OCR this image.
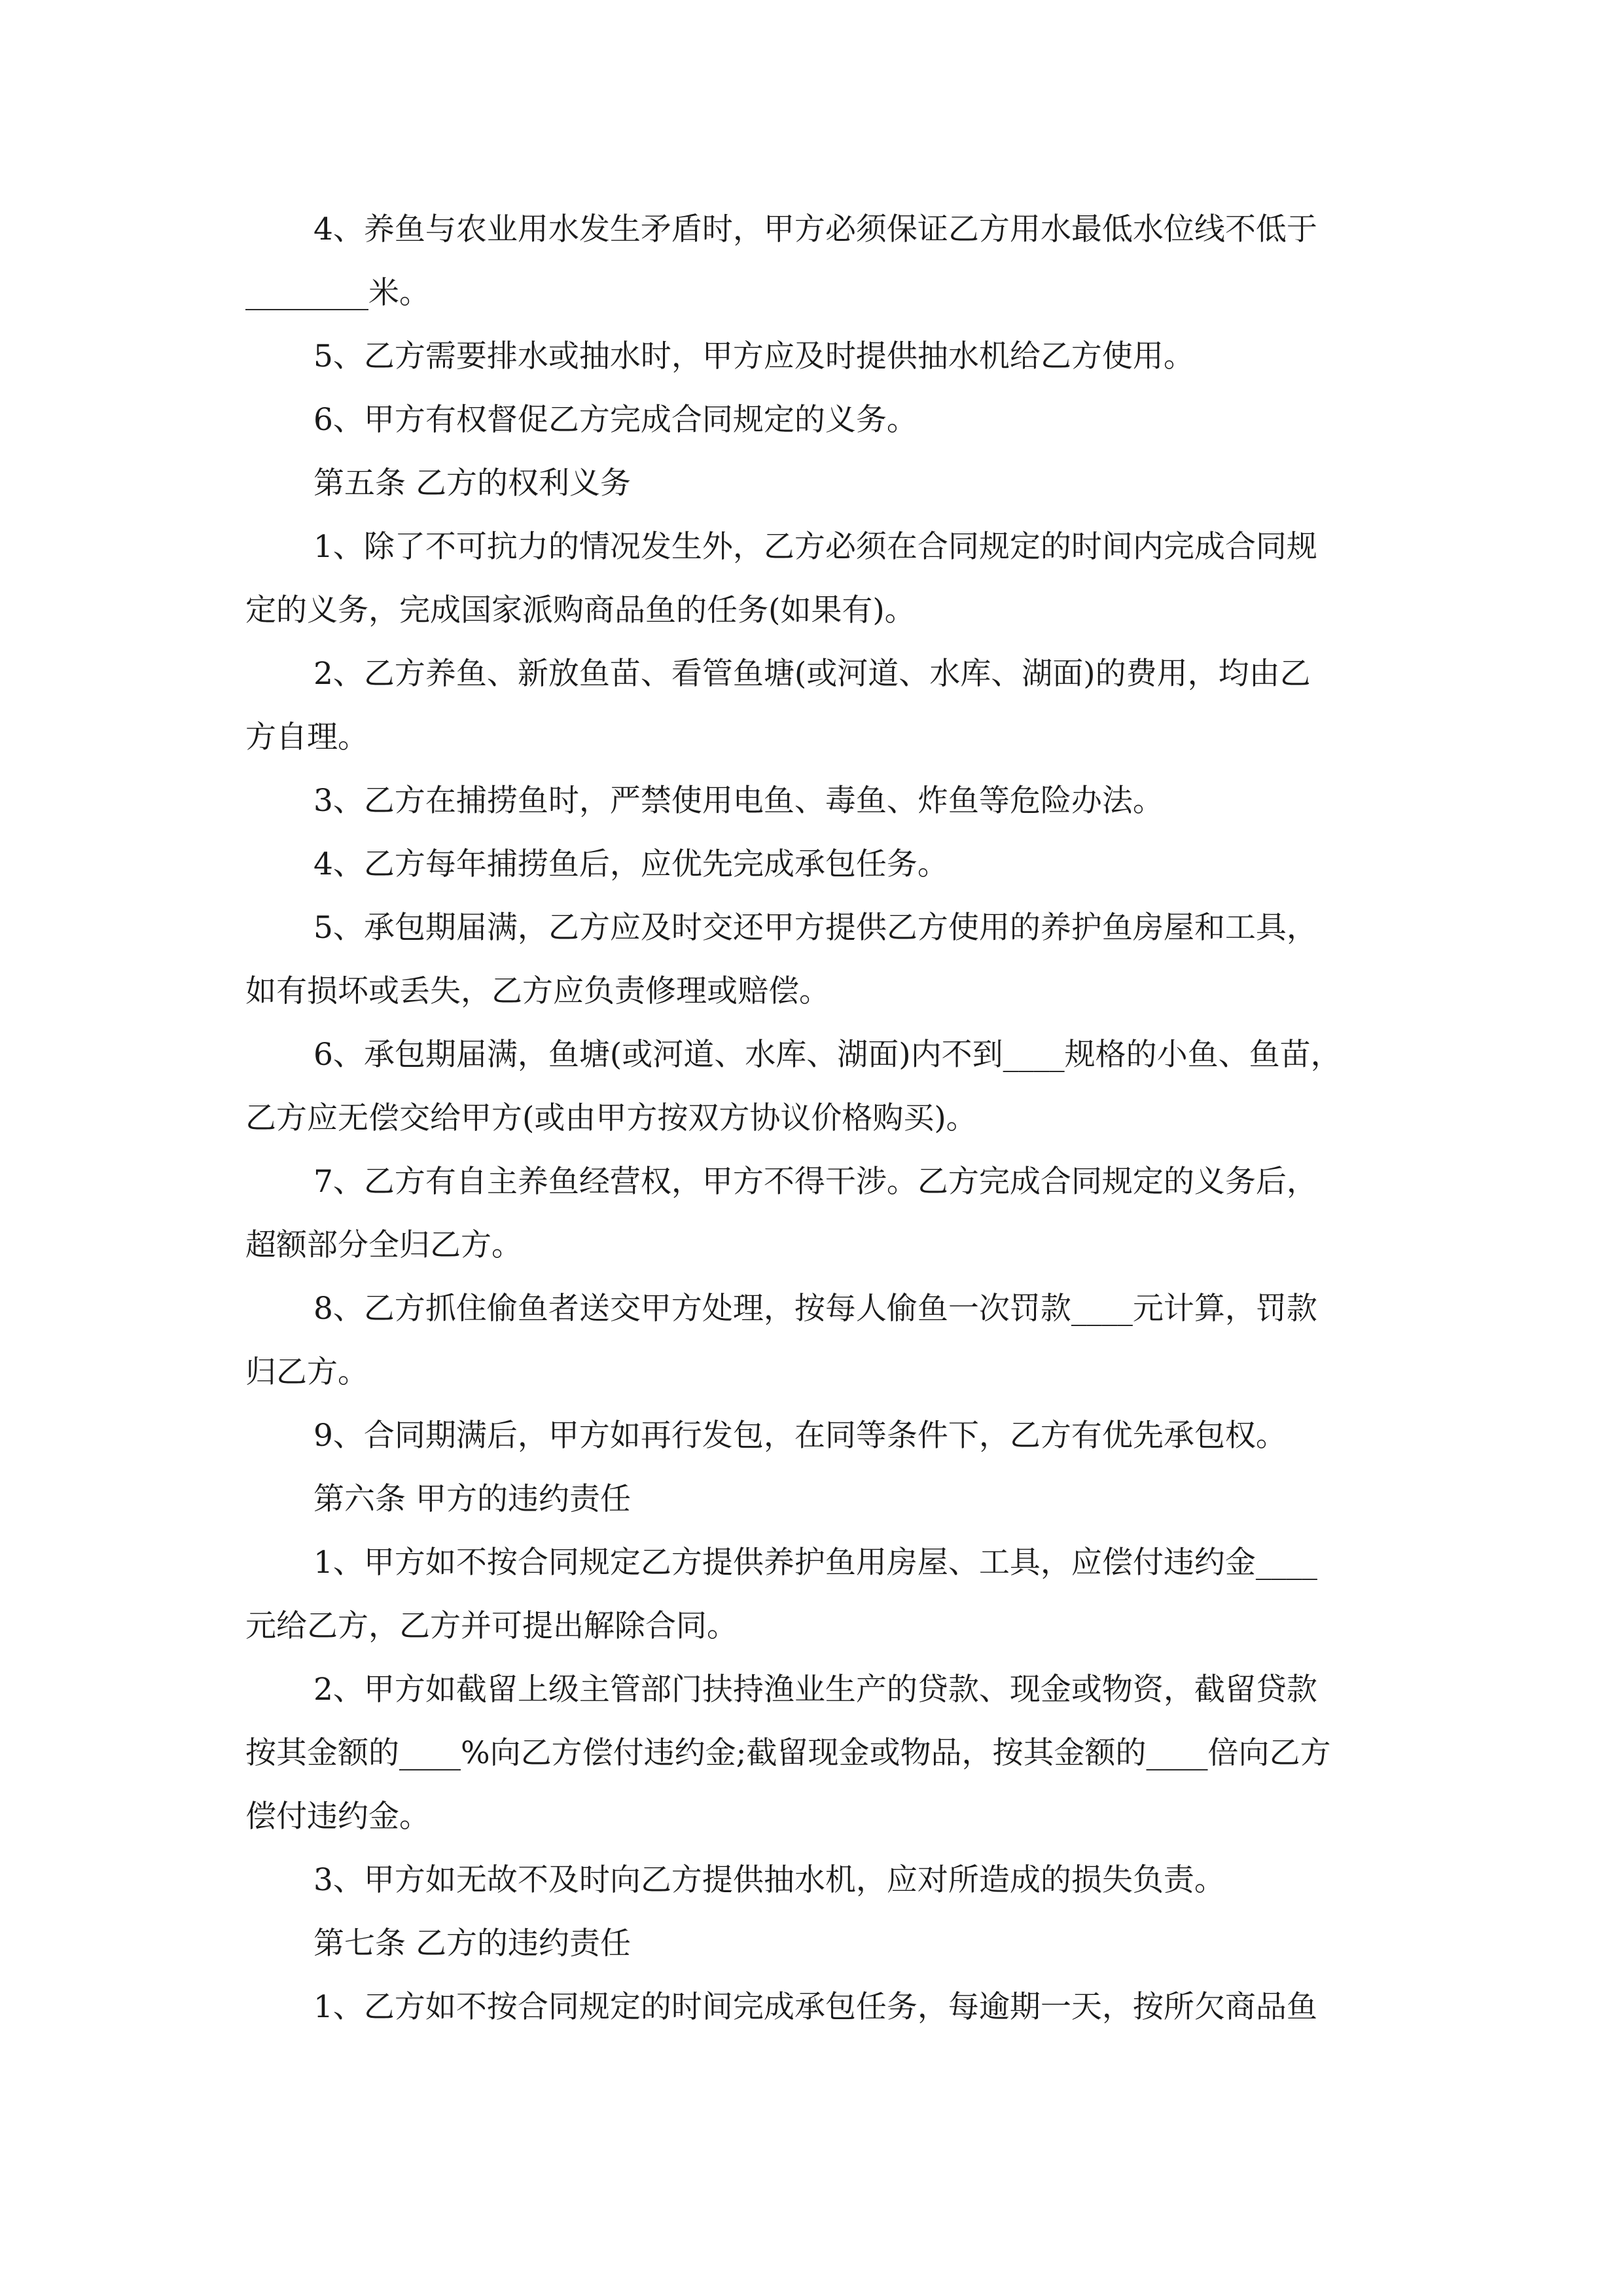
4、养鱼与农业用水发生矛盾时，甲方必须保证乙方用水最低水位线不低于
________米。
5、乙方需要排水或抽水时，甲方应及时提供抽水机给乙方使用。
6、甲方有权督促乙方完成合同规定的义务。
第五条 乙方的权利义务
1、除了不可抗力的情况发生外，乙方必须在合同规定的时间内完成合同规
定的义务，完成国家派购商品鱼的任务(如果有)。
2、乙方养鱼、新放鱼苗、看管鱼塘(或河道、水库、湖面)的费用，均由乙
方自理。
3、乙方在捕捞鱼时，严禁使用电鱼、毒鱼、炸鱼等危险办法。
4、乙方每年捕捞鱼后，应优先完成承包任务。
5、承包期届满，乙方应及时交还甲方提供乙方使用的养护鱼房屋和工具，
如有损坏或丢失，乙方应负责修理或赔偿。
6、承包期届满，鱼塘(或河道、水库、湖面)内不到____规格的小鱼、鱼苗，
乙方应无偿交给甲方(或由甲方按双方协议价格购买)。
7、乙方有自主养鱼经营权，甲方不得干涉。乙方完成合同规定的义务后，
超额部分全归乙方。
8、乙方抓住偷鱼者送交甲方处理，按每人偷鱼一次罚款____元计算，罚款
归乙方。
9、合同期满后，甲方如再行发包，在同等条件下，乙方有优先承包权。
第六条 甲方的违约责任
1、甲方如不按合同规定乙方提供养护鱼用房屋、工具，应偿付违约金____
元给乙方，乙方并可提出解除合同。
2、甲方如截留上级主管部门扶持渔业生产的贷款、现金或物资，截留贷款
按其金额的____%向乙方偿付违约金;截留现金或物品，按其金额的____倍向乙方
偿付违约金。
3、甲方如无故不及时向乙方提供抽水机，应对所造成的损失负责。
第七条 乙方的违约责任
1、乙方如不按合同规定的时间完成承包任务，每逾期一天，按所欠商品鱼
